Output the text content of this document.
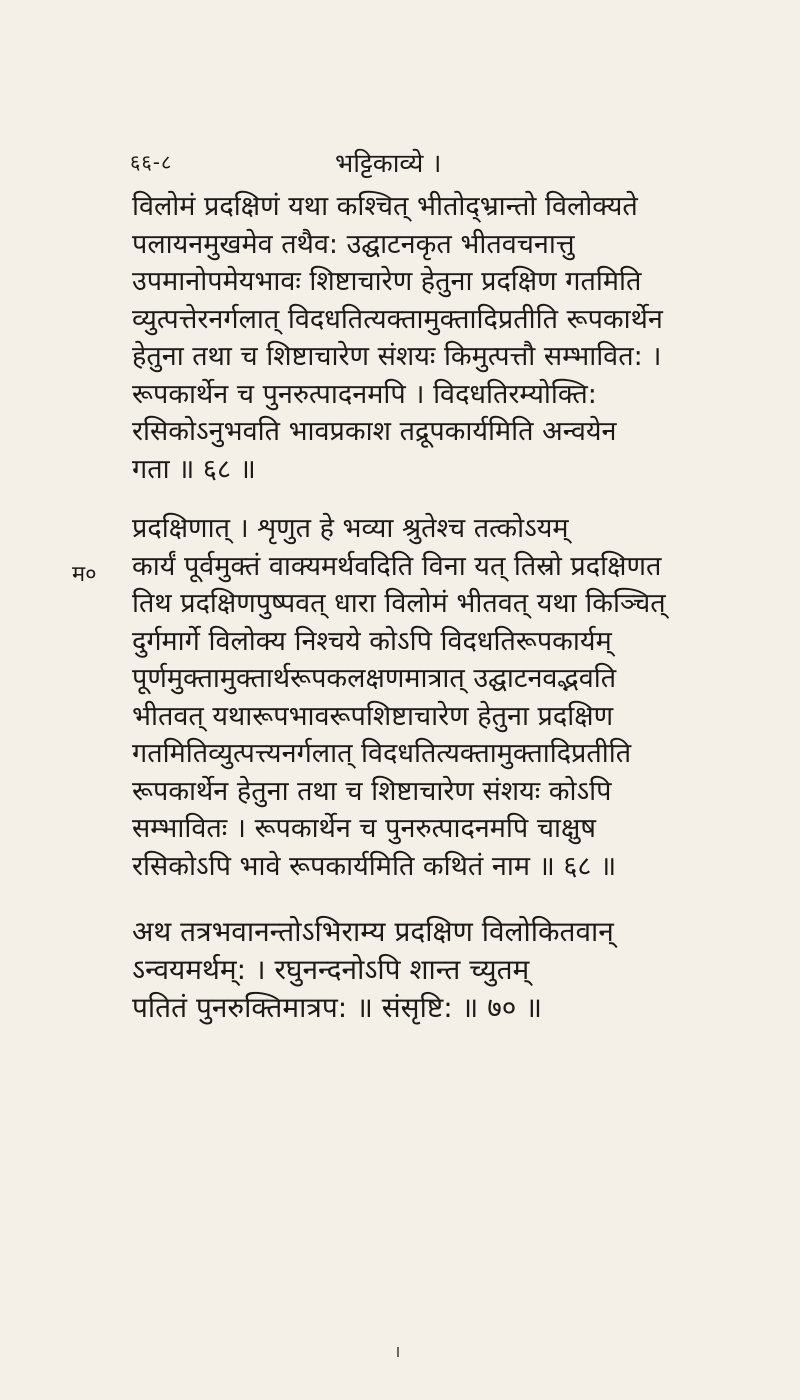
६६-८	भट्टिकाव्ये ।
म०
विलोमं प्रदक्षिणं यथा कश्चित् भीतोद्भ्रान्तो विलोक्यते
पलायनमुखमेव तथैव: उद्घाटनकृत भीतवचनात्तु
उपमानोपमेयभावः शिष्टाचारेण हेतुना प्रदक्षिण गतमिति
व्युत्पत्तेरनर्गलात् विदधतित्यक्तामुक्तादिप्रतीति रूपकार्थेन
हेतुना तथा च शिष्टाचारेण संशयः किमुत्पत्तौ सम्भावित: ।
रूपकार्थेन च पुनरुत्पादनमपि । विदधतिरम्योक्ति:
रसिकोऽनुभवति भावप्रकाश तद्रूपकार्यमिति अन्वयेन
गता ॥ ६८ ॥
प्रदक्षिणात् । शृणुत हे भव्या श्रुतेश्च तत्कोऽयम्
कार्यं पूर्वमुक्तं वाक्यमर्थवदिति विना यत् तिस्रो प्रदक्षिणत
तिथ प्रदक्षिणपुष्पवत् धारा विलोमं भीतवत् यथा किञ्चित्
दुर्गमार्गे विलोक्य निश्चये कोऽपि विदधतिरूपकार्यम्
पूर्णमुक्तामुक्तार्थरूपकलक्षणमात्रात् उद्घाटनवद्भवति
भीतवत् यथारूपभावरूपशिष्टाचारेण हेतुना प्रदक्षिण
गतमितिव्युत्पत्त्यनर्गलात् विदधतित्यक्तामुक्तादिप्रतीति
रूपकार्थेन हेतुना तथा च शिष्टाचारेण संशयः कोऽपि
सम्भावितः । रूपकार्थेन च पुनरुत्पादनमपि चाक्षुष
रसिकोऽपि भावे रूपकार्यमिति कथितं नाम ॥ ६८ ॥
अथ तत्रभवानन्तोऽभिराम्य प्रदक्षिण विलोकितवान्
ऽन्वयमर्थम्: । रघुनन्दनोऽपि शान्त च्युतम्
पतितं पुनरुक्तिमात्रप: ॥ संसृष्टि: ॥ ७० ॥
